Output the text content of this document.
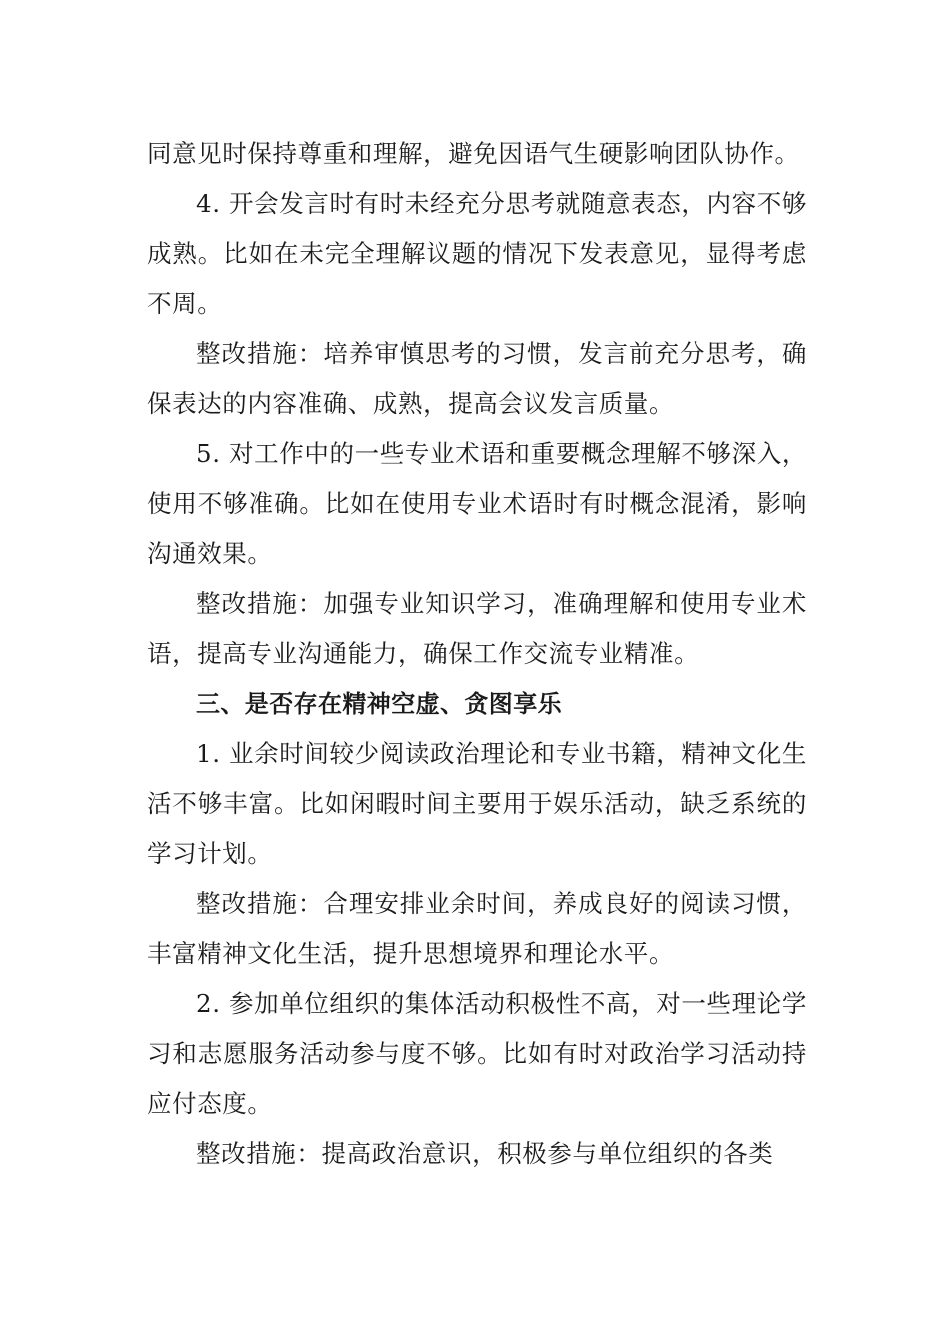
同意见时保持尊重和理解，避免因语气生硬影响团队协作。

4. 开会发言时有时未经充分思考就随意表态，内容不够成熟。比如在未完全理解议题的情况下发表意见，显得考虑不周。

整改措施：培养审慎思考的习惯，发言前充分思考，确保表达的内容准确、成熟，提高会议发言质量。

5. 对工作中的一些专业术语和重要概念理解不够深入，使用不够准确。比如在使用专业术语时有时概念混淆，影响沟通效果。

整改措施：加强专业知识学习，准确理解和使用专业术语，提高专业沟通能力，确保工作交流专业精准。

三、是否存在精神空虚、贪图享乐

1. 业余时间较少阅读政治理论和专业书籍，精神文化生活不够丰富。比如闲暇时间主要用于娱乐活动，缺乏系统的学习计划。

整改措施：合理安排业余时间，养成良好的阅读习惯，丰富精神文化生活，提升思想境界和理论水平。

2. 参加单位组织的集体活动积极性不高，对一些理论学习和志愿服务活动参与度不够。比如有时对政治学习活动持应付态度。

整改措施：提高政治意识，积极参与单位组织的各类
